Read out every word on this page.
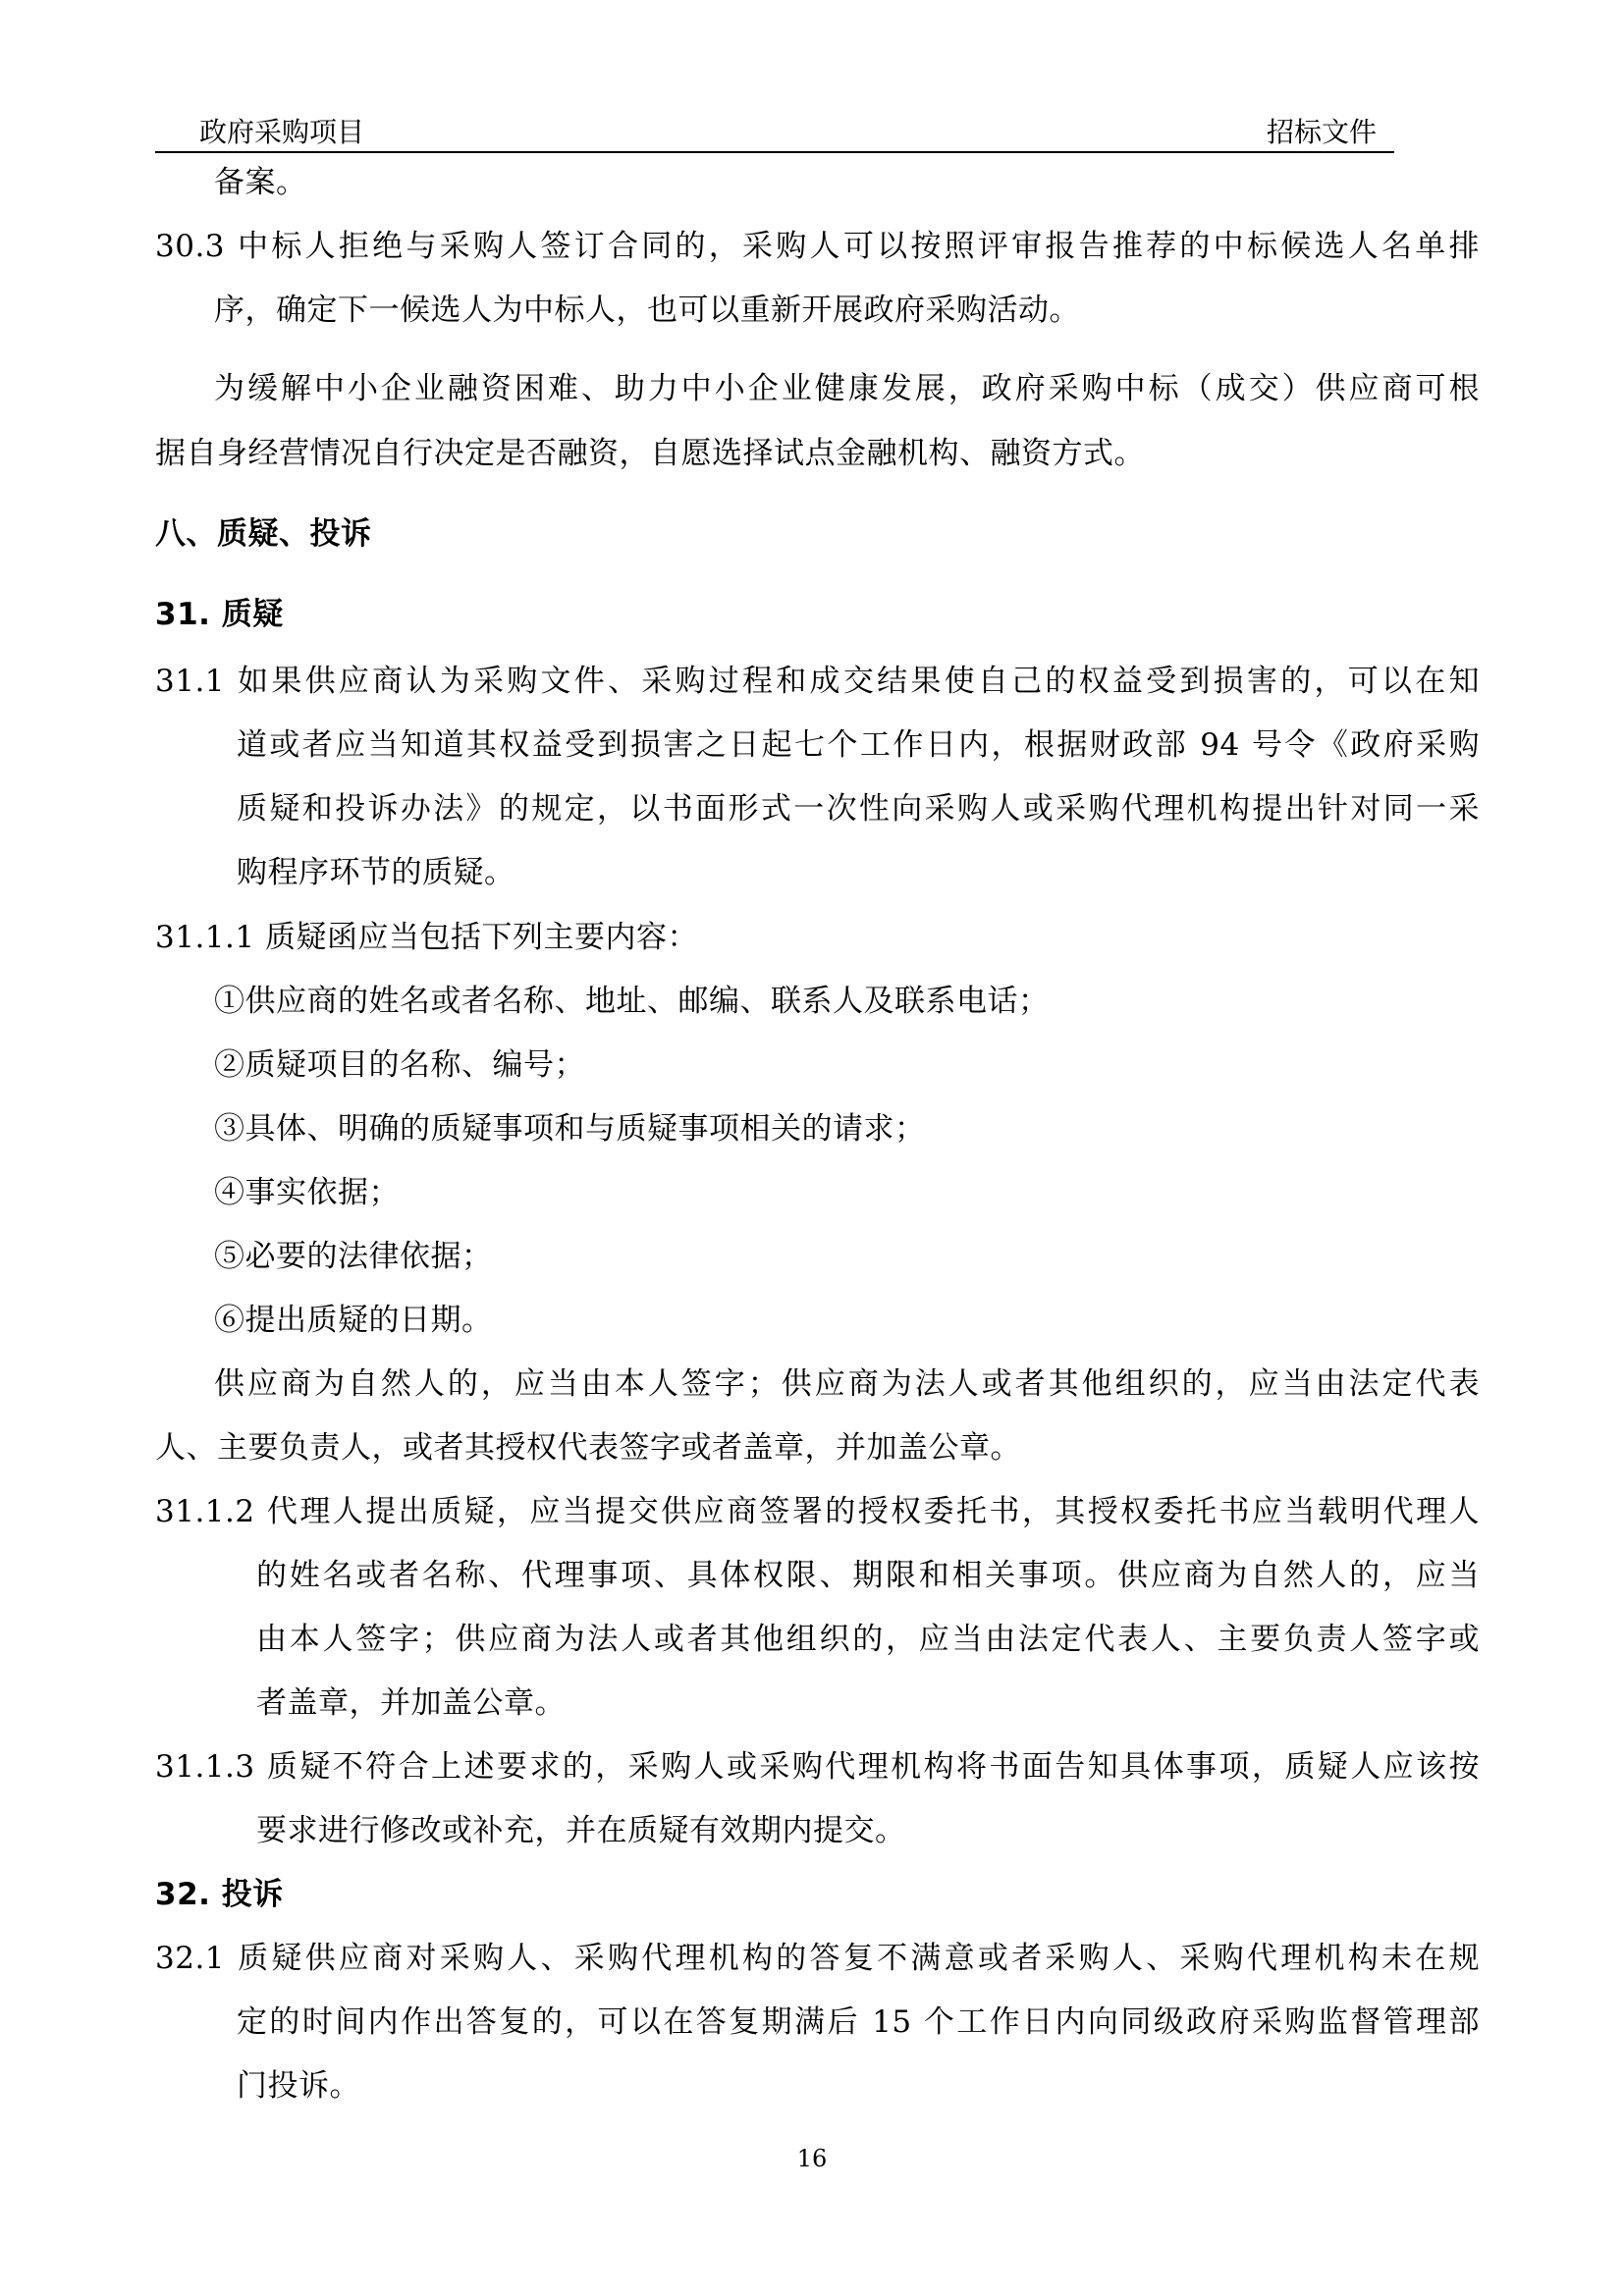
政府采购项目	招标文件
备案。
30.3 中标人拒绝与采购人签订合同的，采购人可以按照评审报告推荐的中标候选人名单排
序，确定下一候选人为中标人，也可以重新开展政府采购活动。
为缓解中小企业融资困难、助力中小企业健康发展，政府采购中标（成交）供应商可根
据自身经营情况自行决定是否融资，自愿选择试点金融机构、融资方式。
八、质疑、投诉
31. 质疑
31.1 如果供应商认为采购文件、采购过程和成交结果使自己的权益受到损害的，可以在知
道或者应当知道其权益受到损害之日起七个工作日内，根据财政部 94 号令《政府采购
质疑和投诉办法》的规定，以书面形式一次性向采购人或采购代理机构提出针对同一采
购程序环节的质疑。
31.1.1 质疑函应当包括下列主要内容：
①供应商的姓名或者名称、地址、邮编、联系人及联系电话；
②质疑项目的名称、编号；
③具体、明确的质疑事项和与质疑事项相关的请求；
④事实依据；
⑤必要的法律依据；
⑥提出质疑的日期。
供应商为自然人的，应当由本人签字；供应商为法人或者其他组织的，应当由法定代表
人、主要负责人，或者其授权代表签字或者盖章，并加盖公章。
31.1.2 代理人提出质疑，应当提交供应商签署的授权委托书，其授权委托书应当载明代理人
的姓名或者名称、代理事项、具体权限、期限和相关事项。供应商为自然人的，应当
由本人签字；供应商为法人或者其他组织的，应当由法定代表人、主要负责人签字或
者盖章，并加盖公章。
31.1.3 质疑不符合上述要求的，采购人或采购代理机构将书面告知具体事项，质疑人应该按
要求进行修改或补充，并在质疑有效期内提交。
32. 投诉
32.1 质疑供应商对采购人、采购代理机构的答复不满意或者采购人、采购代理机构未在规
定的时间内作出答复的，可以在答复期满后 15 个工作日内向同级政府采购监督管理部
门投诉。
16
